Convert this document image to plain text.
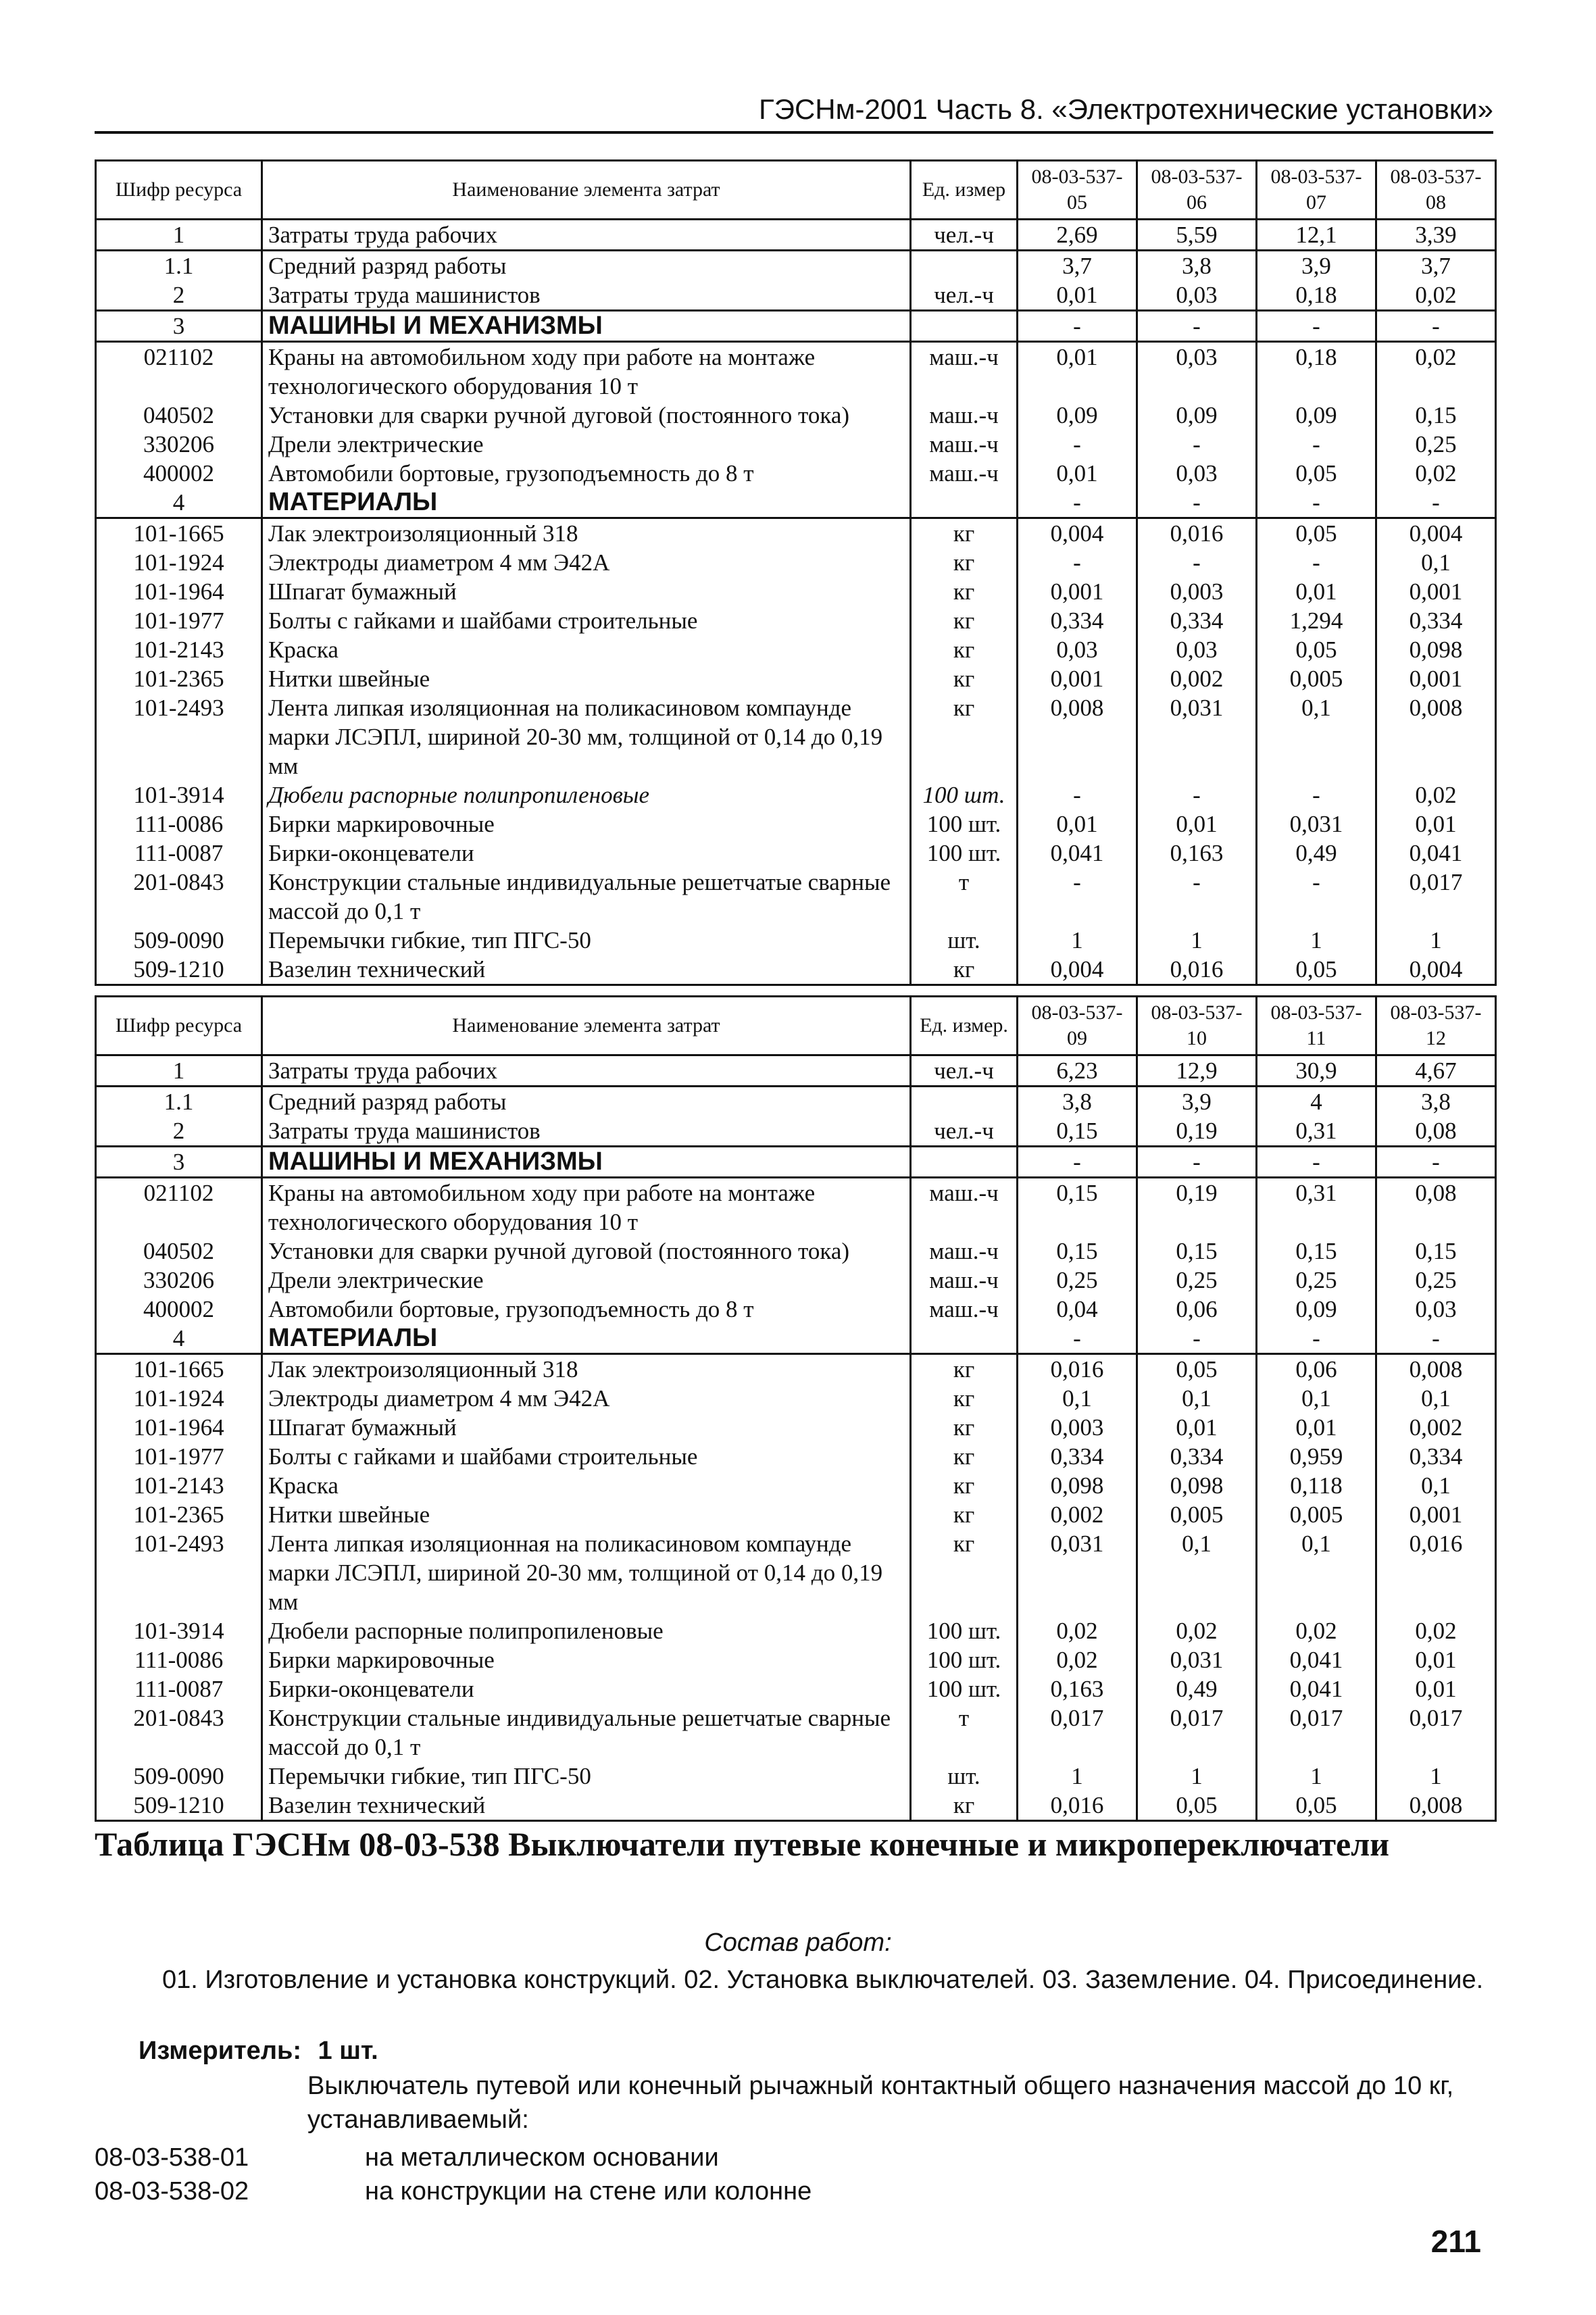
ГЭСНм-2001 Часть 8. «Электротехнические установки»
Шифр ресурса	Наименование элемента затрат	Ед. измер	08-03-537-05	08-03-537-06	08-03-537-07	08-03-537-08
1	Затраты труда рабочих	чел.-ч	2,69	5,59	12,1	3,39
1.1	Средний разряд работы		3,7	3,8	3,9	3,7
2	Затраты труда машинистов	чел.-ч	0,01	0,03	0,18	0,02
3	МАШИНЫ И МЕХАНИЗМЫ		-	-	-	-
021102	Краны на автомобильном ходу при работе на монтаже технологического оборудования 10 т	маш.-ч	0,01	0,03	0,18	0,02
040502	Установки для сварки ручной дуговой (постоянного тока)	маш.-ч	0,09	0,09	0,09	0,15
330206	Дрели электрические	маш.-ч	-	-	-	0,25
400002	Автомобили бортовые, грузоподъемность до 8 т	маш.-ч	0,01	0,03	0,05	0,02
4	МАТЕРИАЛЫ		-	-	-	-
101-1665	Лак электроизоляционный 318	кг	0,004	0,016	0,05	0,004
101-1924	Электроды диаметром 4 мм Э42А	кг	-	-	-	0,1
101-1964	Шпагат бумажный	кг	0,001	0,003	0,01	0,001
101-1977	Болты с гайками и шайбами строительные	кг	0,334	0,334	1,294	0,334
101-2143	Краска	кг	0,03	0,03	0,05	0,098
101-2365	Нитки швейные	кг	0,001	0,002	0,005	0,001
101-2493	Лента липкая изоляционная на поликасиновом компаунде марки ЛСЭПЛ, шириной 20-30 мм, толщиной от 0,14 до 0,19 мм	кг	0,008	0,031	0,1	0,008
101-3914	Дюбели распорные полипропиленовые	100 шт.	-	-	-	0,02
111-0086	Бирки маркировочные	100 шт.	0,01	0,01	0,031	0,01
111-0087	Бирки-оконцеватели	100 шт.	0,041	0,163	0,49	0,041
201-0843	Конструкции стальные индивидуальные решетчатые сварные массой до 0,1 т	т	-	-	-	0,017
509-0090	Перемычки гибкие, тип ПГС-50	шт.	1	1	1	1
509-1210	Вазелин технический	кг	0,004	0,016	0,05	0,004
Шифр ресурса	Наименование элемента затрат	Ед. измер.	08-03-537-09	08-03-537-10	08-03-537-11	08-03-537-12
1	Затраты труда рабочих	чел.-ч	6,23	12,9	30,9	4,67
1.1	Средний разряд работы		3,8	3,9	4	3,8
2	Затраты труда машинистов	чел.-ч	0,15	0,19	0,31	0,08
3	МАШИНЫ И МЕХАНИЗМЫ		-	-	-	-
021102	Краны на автомобильном ходу при работе на монтаже технологического оборудования 10 т	маш.-ч	0,15	0,19	0,31	0,08
040502	Установки для сварки ручной дуговой (постоянного тока)	маш.-ч	0,15	0,15	0,15	0,15
330206	Дрели электрические	маш.-ч	0,25	0,25	0,25	0,25
400002	Автомобили бортовые, грузоподъемность до 8 т	маш.-ч	0,04	0,06	0,09	0,03
4	МАТЕРИАЛЫ		-	-	-	-
101-1665	Лак электроизоляционный 318	кг	0,016	0,05	0,06	0,008
101-1924	Электроды диаметром 4 мм Э42А	кг	0,1	0,1	0,1	0,1
101-1964	Шпагат бумажный	кг	0,003	0,01	0,01	0,002
101-1977	Болты с гайками и шайбами строительные	кг	0,334	0,334	0,959	0,334
101-2143	Краска	кг	0,098	0,098	0,118	0,1
101-2365	Нитки швейные	кг	0,002	0,005	0,005	0,001
101-2493	Лента липкая изоляционная на поликасиновом компаунде марки ЛСЭПЛ, шириной 20-30 мм, толщиной от 0,14 до 0,19 мм	кг	0,031	0,1	0,1	0,016
101-3914	Дюбели распорные полипропиленовые	100 шт.	0,02	0,02	0,02	0,02
111-0086	Бирки маркировочные	100 шт.	0,02	0,031	0,041	0,01
111-0087	Бирки-оконцеватели	100 шт.	0,163	0,49	0,041	0,01
201-0843	Конструкции стальные индивидуальные решетчатые сварные массой до 0,1 т	т	0,017	0,017	0,017	0,017
509-0090	Перемычки гибкие, тип ПГС-50	шт.	1	1	1	1
509-1210	Вазелин технический	кг	0,016	0,05	0,05	0,008
Таблица ГЭСНм 08-03-538 Выключатели путевые конечные и микропереключатели
Состав работ:
01. Изготовление и установка конструкций. 02. Установка выключателей. 03. Заземление. 04. Присоединение.
Измеритель: 1 шт.
Выключатель путевой или конечный рычажный контактный общего назначения массой до 10 кг, устанавливаемый:
08-03-538-01	на металлическом основании
08-03-538-02	на конструкции на стене или колонне
211
